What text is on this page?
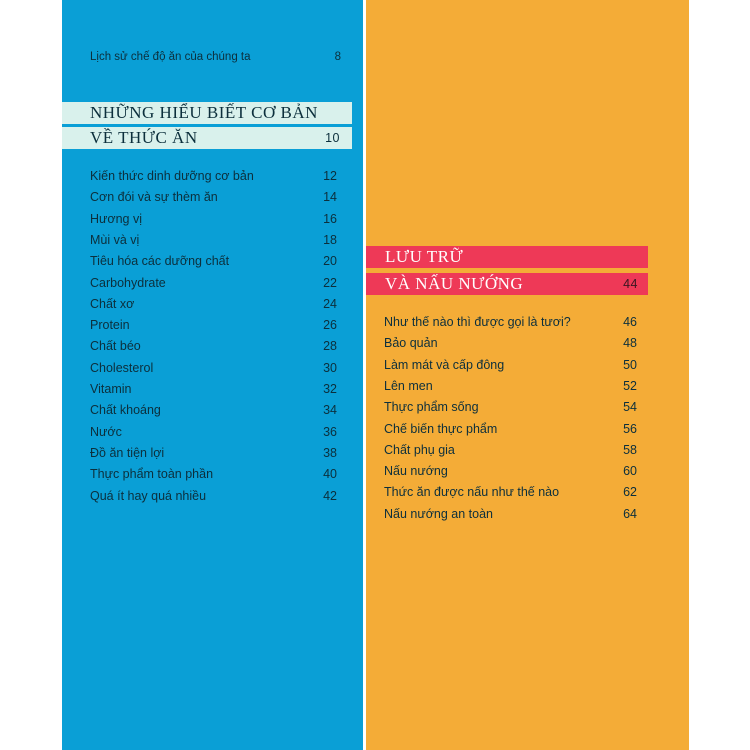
Lịch sử chế độ ăn của chúng ta	8
NHỮNG HIỂU BIẾT CƠ BẢN
VỀ THỨC ĂN	10
Kiến thức dinh dưỡng cơ bản	12
Cơn đói và sự thèm ăn	14
Hương vị	16
Mùi và vị	18
Tiêu hóa các dưỡng chất	20
Carbohydrate	22
Chất xơ	24
Protein	26
Chất béo	28
Cholesterol	30
Vitamin	32
Chất khoáng	34
Nước	36
Đồ ăn tiện lợi	38
Thực phẩm toàn phần	40
Quá ít hay quá nhiều	42
LƯU TRỮ
VÀ NẤU NƯỚNG	44
Như thế nào thì được gọi là tươi?	46
Bảo quản	48
Làm mát và cấp đông	50
Lên men	52
Thực phẩm sống	54
Chế biến thực phẩm	56
Chất phụ gia	58
Nấu nướng	60
Thức ăn được nấu như thế nào	62
Nấu nướng an toàn	64
